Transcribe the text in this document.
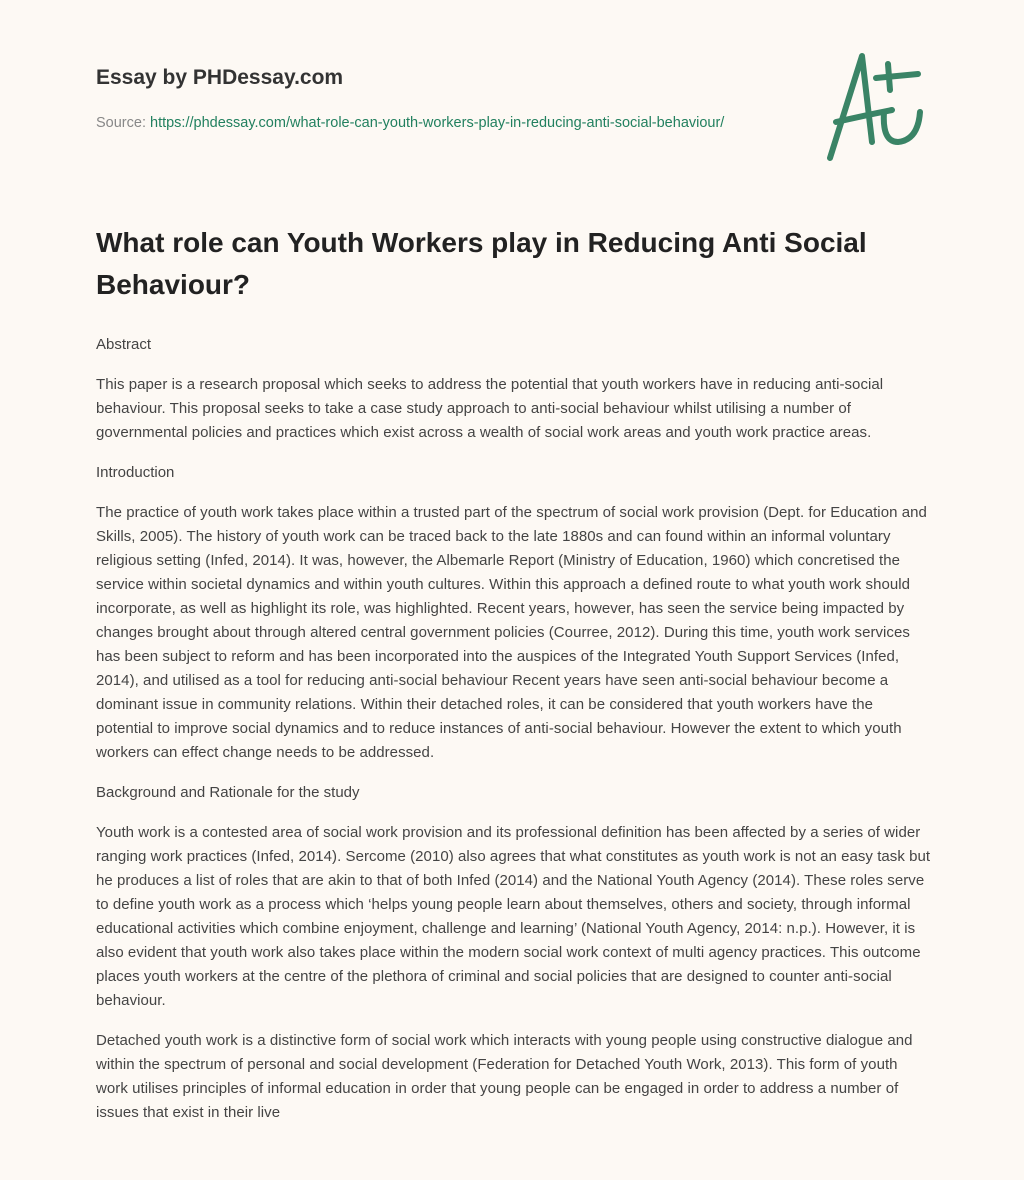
Essay by PHDessay.com
Source: https://phdessay.com/what-role-can-youth-workers-play-in-reducing-anti-social-behaviour/
What role can Youth Workers play in Reducing Anti Social Behaviour?
Abstract

This paper is a research proposal which seeks to address the potential that youth workers have in reducing anti-social behaviour. This proposal seeks to take a case study approach to anti-social behaviour whilst utilising a number of governmental policies and practices which exist across a wealth of social work areas and youth work practice areas.

Introduction

The practice of youth work takes place within a trusted part of the spectrum of social work provision (Dept. for Education and Skills, 2005). The history of youth work can be traced back to the late 1880s and can found within an informal voluntary religious setting (Infed, 2014). It was, however, the Albemarle Report (Ministry of Education, 1960) which concretised the service within societal dynamics and within youth cultures. Within this approach a defined route to what youth work should incorporate, as well as highlight its role, was highlighted. Recent years, however, has seen the service being impacted by changes brought about through altered central government policies (Courree, 2012). During this time, youth work services has been subject to reform and has been incorporated into the auspices of the Integrated Youth Support Services (Infed, 2014), and utilised as a tool for reducing anti-social behaviour Recent years have seen anti-social behaviour become a dominant issue in community relations. Within their detached roles, it can be considered that youth workers have the potential to improve social dynamics and to reduce instances of anti-social behaviour. However the extent to which youth workers can effect change needs to be addressed.

Background and Rationale for the study

Youth work is a contested area of social work provision and its professional definition has been affected by a series of wider ranging work practices (Infed, 2014). Sercome (2010) also agrees that what constitutes as youth work is not an easy task but he produces a list of roles that are akin to that of both Infed (2014) and the National Youth Agency (2014). These roles serve to define youth work as a process which ‘helps young people learn about themselves, others and society, through informal educational activities which combine enjoyment, challenge and learning’ (National Youth Agency, 2014: n.p.). However, it is also evident that youth work also takes place within the modern social work context of multi agency practices. This outcome places youth workers at the centre of the plethora of criminal and social policies that are designed to counter anti-social behaviour.

Detached youth work is a distinctive form of social work which interacts with young people using constructive dialogue and within the spectrum of personal and social development (Federation for Detached Youth Work, 2013). This form of youth work utilises principles of informal education in order that young people can be engaged in order to address a number of issues that exist in their live
